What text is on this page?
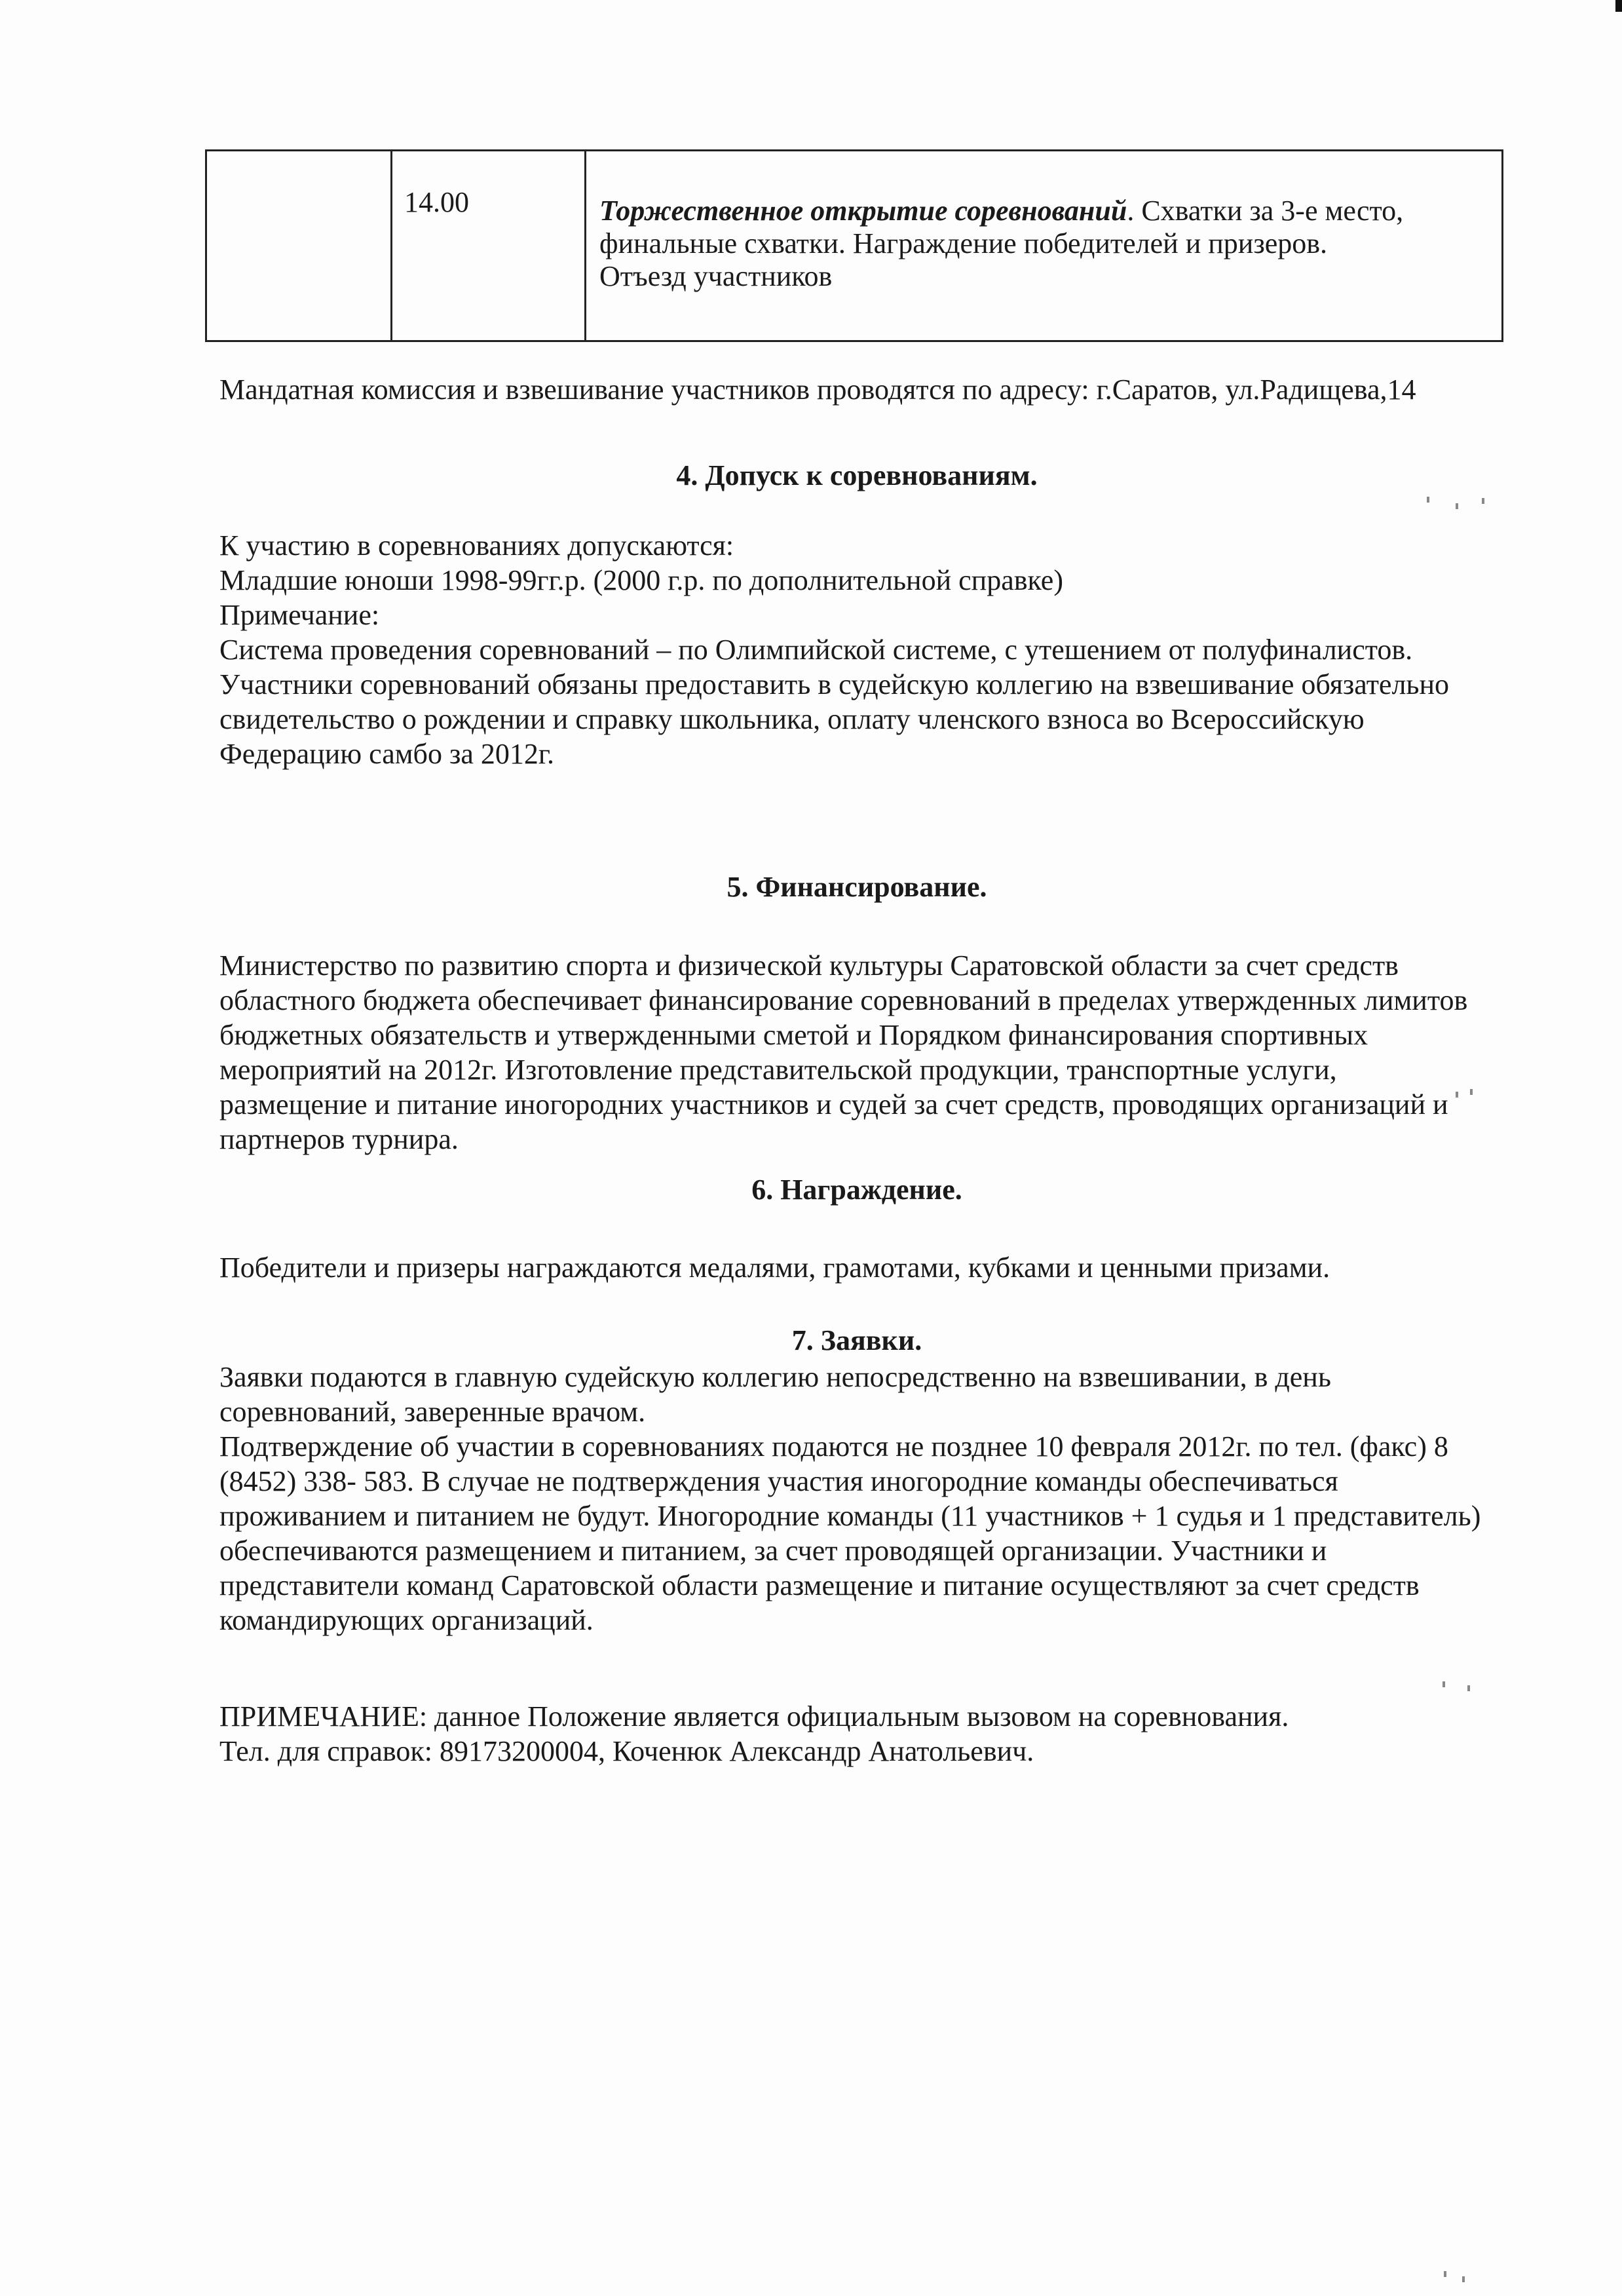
14.00	Торжественное открытие соревнований. Схватки за 3-е место, финальные схватки. Награждение победителей и призеров.
Отъезд участников

Мандатная комиссия и взвешивание участников проводятся по адресу: г.Саратов, ул.Радищева,14

4. Допуск к соревнованиям.

К участию в соревнованиях допускаются:

Младшие юноши 1998-99гг.р. (2000 г.р. по дополнительной справке)

Примечание:

Система проведения соревнований – по Олимпийской системе, с утешением от полуфиналистов.

Участники соревнований обязаны предоставить в судейскую коллегию на взвешивание обязательно свидетельство о рождении и справку школьника, оплату членского взноса во Всероссийскую Федерацию самбо за 2012г.

5. Финансирование.

Министерство по развитию спорта и физической культуры Саратовской области за счет средств областного бюджета обеспечивает финансирование соревнований в пределах утвержденных лимитов бюджетных обязательств и утвержденными сметой и Порядком финансирования спортивных мероприятий на 2012г. Изготовление представительской продукции, транспортные услуги, размещение и питание иногородних участников и судей за счет средств, проводящих организаций и партнеров турнира.

6. Награждение.

Победители и призеры награждаются медалями, грамотами, кубками и ценными призами.

7. Заявки.

Заявки подаются в главную судейскую коллегию непосредственно на взвешивании, в день соревнований, заверенные врачом.

Подтверждение об участии в соревнованиях подаются не позднее 10 февраля 2012г. по тел. (факс) 8 (8452) 338- 583. В случае не подтверждения участия иногородние команды обеспечиваться проживанием и питанием не будут. Иногородние команды (11 участников + 1 судья и 1 представитель) обеспечиваются размещением и питанием, за счет проводящей организации. Участники и представители команд Саратовской области размещение и питание осуществляют за счет средств командирующих организаций.

ПРИМЕЧАНИЕ: данное Положение является официальным вызовом на соревнования.

Тел. для справок: 89173200004, Коченюк Александр Анатольевич.
